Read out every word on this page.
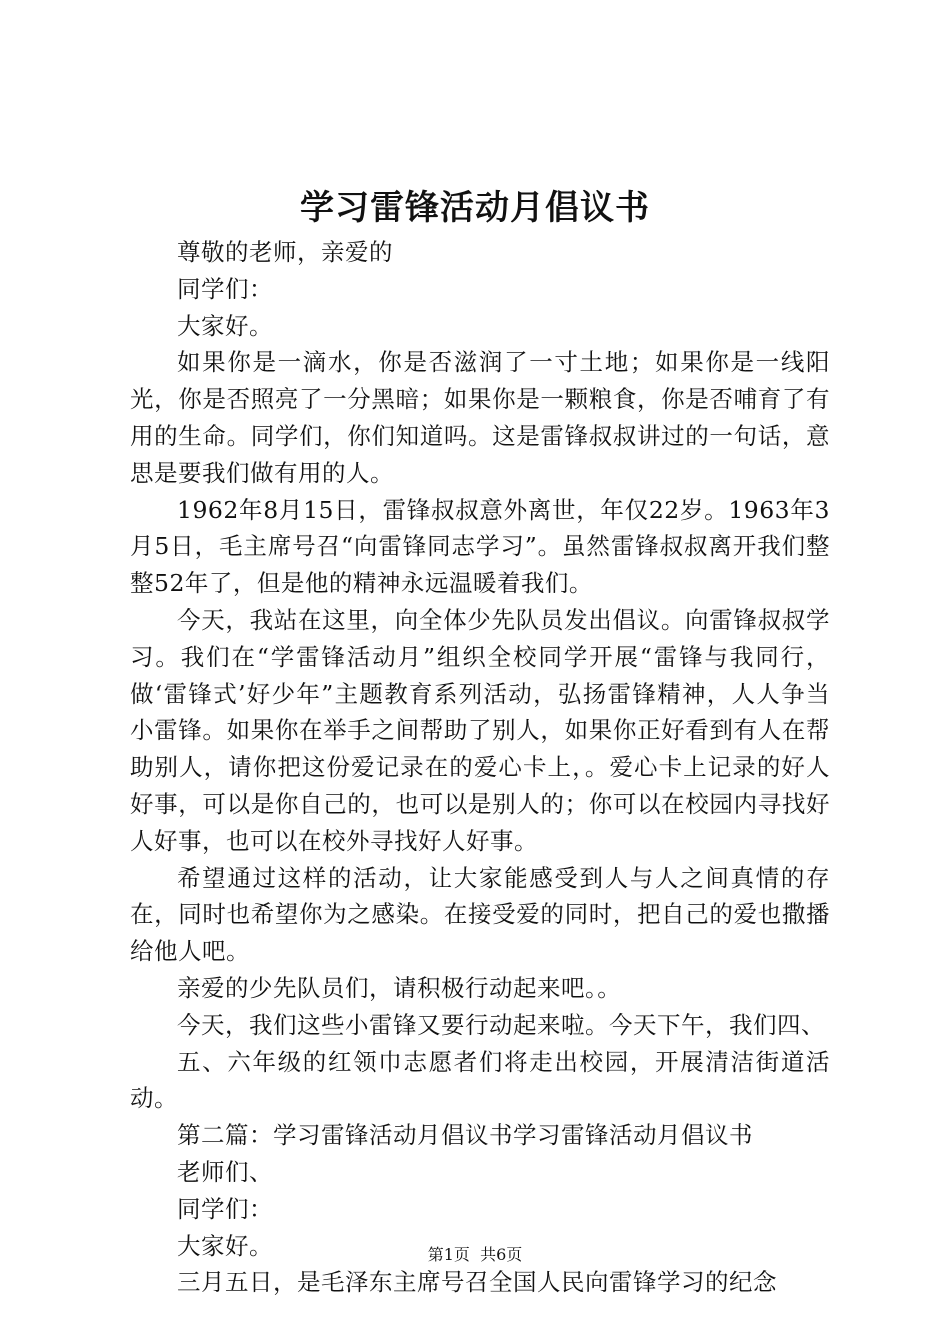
学习雷锋活动月倡议书

尊敬的老师，亲爱的

同学们：

大家好。

如果你是一滴水，你是否滋润了一寸土地；如果你是一线阳光，你是否照亮了一分黑暗；如果你是一颗粮食，你是否哺育了有用的生命。同学们，你们知道吗。这是雷锋叔叔讲过的一句话，意思是要我们做有用的人。

1962年8月15日，雷锋叔叔意外离世，年仅22岁。1963年3月5日，毛主席号召“向雷锋同志学习”。虽然雷锋叔叔离开我们整整52年了，但是他的精神永远温暖着我们。

今天，我站在这里，向全体少先队员发出倡议。向雷锋叔叔学习。我们在“学雷锋活动月”组织全校同学开展“雷锋与我同行，做‘雷锋式’好少年”主题教育系列活动，弘扬雷锋精神，人人争当小雷锋。如果你在举手之间帮助了别人，如果你正好看到有人在帮助别人，请你把这份爱记录在的爱心卡上，。爱心卡上记录的好人好事，可以是你自己的，也可以是别人的；你可以在校园内寻找好人好事，也可以在校外寻找好人好事。

希望通过这样的活动，让大家能感受到人与人之间真情的存在，同时也希望你为之感染。在接受爱的同时，把自己的爱也撒播给他人吧。

亲爱的少先队员们，请积极行动起来吧。。

今天，我们这些小雷锋又要行动起来啦。今天下午，我们四、

五、六年级的红领巾志愿者们将走出校园，开展清洁街道活动。

第二篇：学习雷锋活动月倡议书学习雷锋活动月倡议书

老师们、

同学们：

大家好。

三月五日，是毛泽东主席号召全国人民向雷锋学习的纪念

第1页 共6页
